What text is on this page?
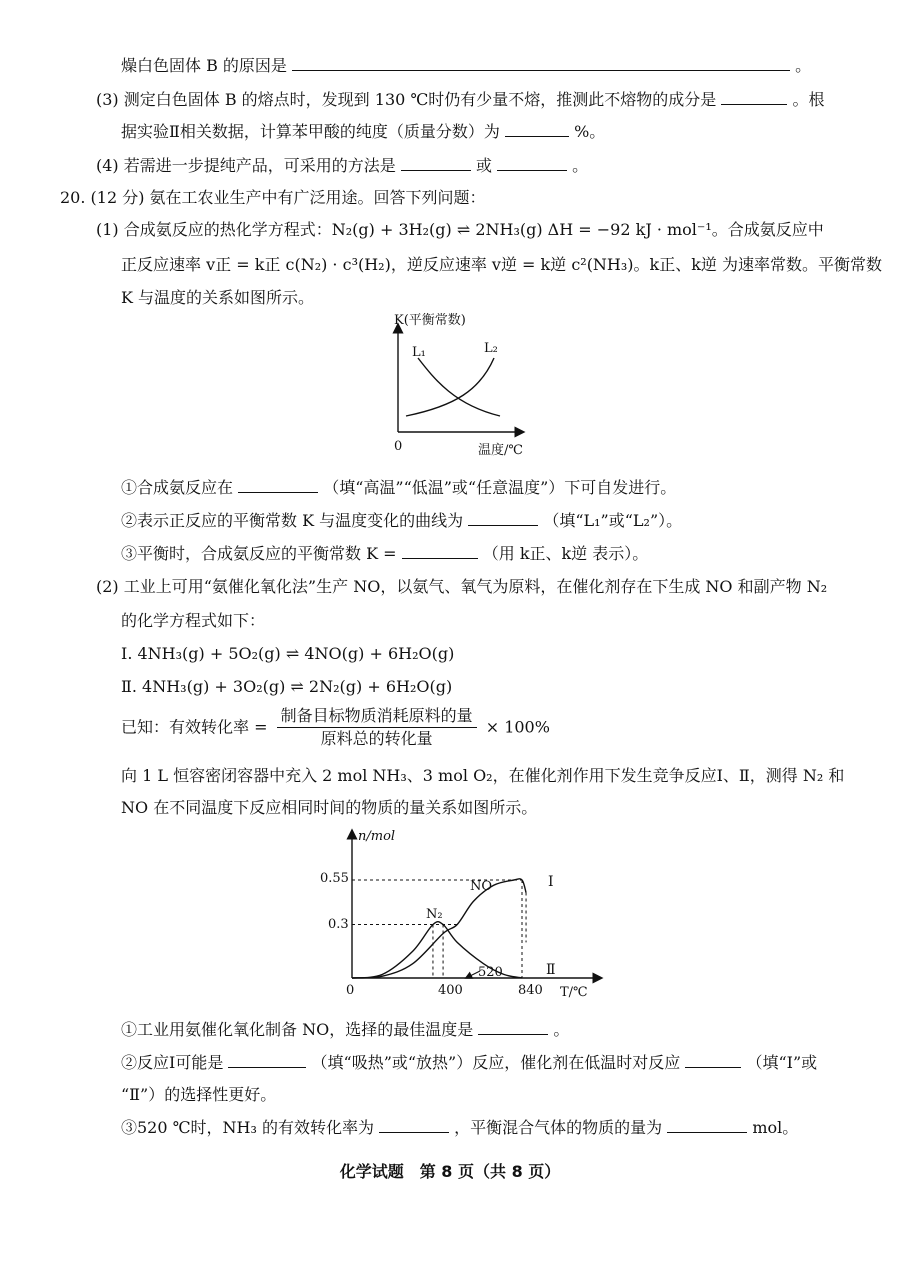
燥白色固体 B 的原因是	。
(3) 测定白色固体 B 的熔点时，发现到 130 ℃时仍有少量不熔，推测此不熔物的成分是	。根
据实验Ⅱ相关数据，计算苯甲酸的纯度（质量分数）为	%。
(4) 若需进一步提纯产品，可采用的方法是	或	。
20. (12 分) 氨在工农业生产中有广泛用途。回答下列问题：
(1) 合成氨反应的热化学方程式：N₂(g) + 3H₂(g) ⇌ 2NH₃(g) ΔH = −92 kJ · mol⁻¹。合成氨反应中
正反应速率 v正 = k正 c(N₂) · c³(H₂)，逆反应速率 v逆 = k逆 c²(NH₃)。k正、k逆 为速率常数。平衡常数
K 与温度的关系如图所示。
K(平衡常数)
温度/℃
0
L₁	L₂
①合成氨反应在	（填“高温”“低温”或“任意温度”）下可自发进行。
②表示正反应的平衡常数 K 与温度变化的曲线为	（填“L₁”或“L₂”）。
③平衡时，合成氨反应的平衡常数 K =	（用 k正、k逆 表示）。
(2) 工业上可用“氨催化氧化法”生产 NO，以氨气、氧气为原料，在催化剂存在下生成 NO 和副产物 N₂
的化学方程式如下：
Ⅰ. 4NH₃(g) + 5O₂(g) ⇌ 4NO(g) + 6H₂O(g)
Ⅱ. 4NH₃(g) + 3O₂(g) ⇌ 2N₂(g) + 6H₂O(g)
已知：有效转化率 = $\frac{\text{制备目标物质消耗原料的量}}{\text{原料总的转化量}} \times 100\%$
向 1 L 恒容密闭容器中充入 2 mol NH₃、3 mol O₂，在催化剂作用下发生竞争反应Ⅰ、Ⅱ，测得 N₂ 和
NO 在不同温度下反应相同时间的物质的量关系如图所示。
n/mol
T/℃
0
0.55
0.3
400	840
NO
N₂
Ⅰ
Ⅱ
520
①工业用氨催化氧化制备 NO，选择的最佳温度是	。
②反应Ⅰ可能是	（填“吸热”或“放热”）反应，催化剂在低温时对反应	（填“Ⅰ”或
“Ⅱ”）的选择性更好。
③520 ℃时，NH₃ 的有效转化率为	，平衡混合气体的物质的量为	mol。
化学试题　第 8 页（共 8 页）
